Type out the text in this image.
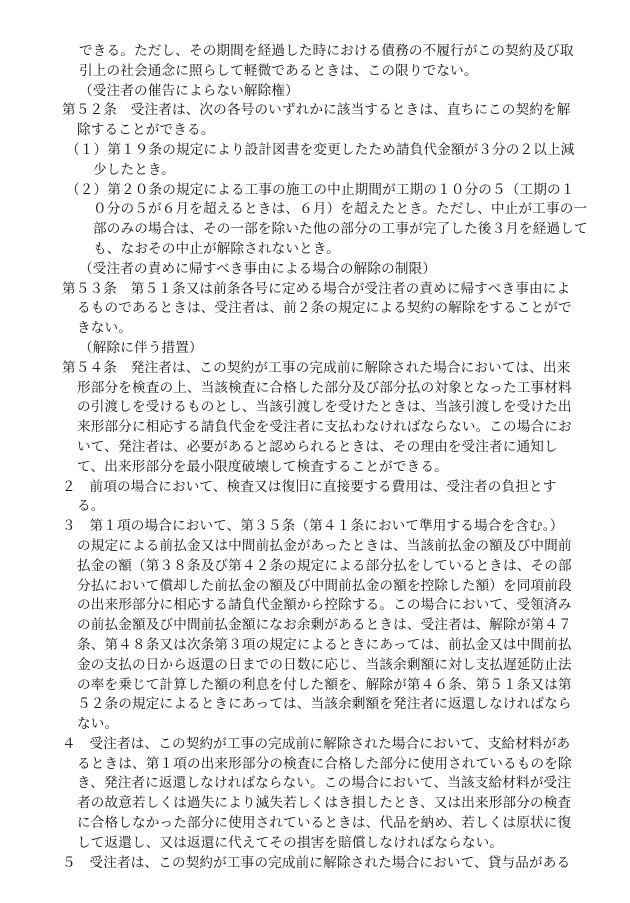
できる。ただし、その期間を経過した時における債務の不履行がこの契約及び取
引上の社会通念に照らして軽微であるときは、この限りでない。
（受注者の催告によらない解除権）
第５２条　受注者は、次の各号のいずれかに該当するときは、直ちにこの契約を解
除することができる。
（１）第１９条の規定により設計図書を変更したため請負代金額が３分の２以上減
少したとき。
（２）第２０条の規定による工事の施工の中止期間が工期の１０分の５（工期の１
０分の５が６月を超えるときは、６月）を超えたとき。ただし、中止が工事の一
部のみの場合は、その一部を除いた他の部分の工事が完了した後３月を経過して
も、なおその中止が解除されないとき。
（受注者の責めに帰すべき事由による場合の解除の制限）
第５３条　第５１条又は前条各号に定める場合が受注者の責めに帰すべき事由によ
るものであるときは、受注者は、前２条の規定による契約の解除をすることがで
きない。
（解除に伴う措置）
第５４条　発注者は、この契約が工事の完成前に解除された場合においては、出来
形部分を検査の上、当該検査に合格した部分及び部分払の対象となった工事材料
の引渡しを受けるものとし、当該引渡しを受けたときは、当該引渡しを受けた出
来形部分に相応する請負代金を受注者に支払わなければならない。この場合にお
いて、発注者は、必要があると認められるときは、その理由を受注者に通知し
て、出来形部分を最小限度破壊して検査することができる。
２　前項の場合において、検査又は復旧に直接要する費用は、受注者の負担とす
る。
３　第１項の場合において、第３５条（第４１条において準用する場合を含む。）
の規定による前払金又は中間前払金があったときは、当該前払金の額及び中間前
払金の額（第３８条及び第４２条の規定による部分払をしているときは、その部
分払において償却した前払金の額及び中間前払金の額を控除した額）を同項前段
の出来形部分に相応する請負代金額から控除する。この場合において、受領済み
の前払金額及び中間前払金額になお余剰があるときは、受注者は、解除が第４７
条、第４８条又は次条第３項の規定によるときにあっては、前払金又は中間前払
金の支払の日から返還の日までの日数に応じ、当該余剰額に対し支払遅延防止法
の率を乗じて計算した額の利息を付した額を、解除が第４６条、第５１条又は第
５２条の規定によるときにあっては、当該余剰額を発注者に返還しなければなら
ない。
４　受注者は、この契約が工事の完成前に解除された場合において、支給材料があ
るときは、第１項の出来形部分の検査に合格した部分に使用されているものを除
き、発注者に返還しなければならない。この場合において、当該支給材料が受注
者の故意若しくは過失により滅失若しくはき損したとき、又は出来形部分の検査
に合格しなかった部分に使用されているときは、代品を納め、若しくは原状に復
して返還し、又は返還に代えてその損害を賠償しなければならない。
５　受注者は、この契約が工事の完成前に解除された場合において、貸与品がある
